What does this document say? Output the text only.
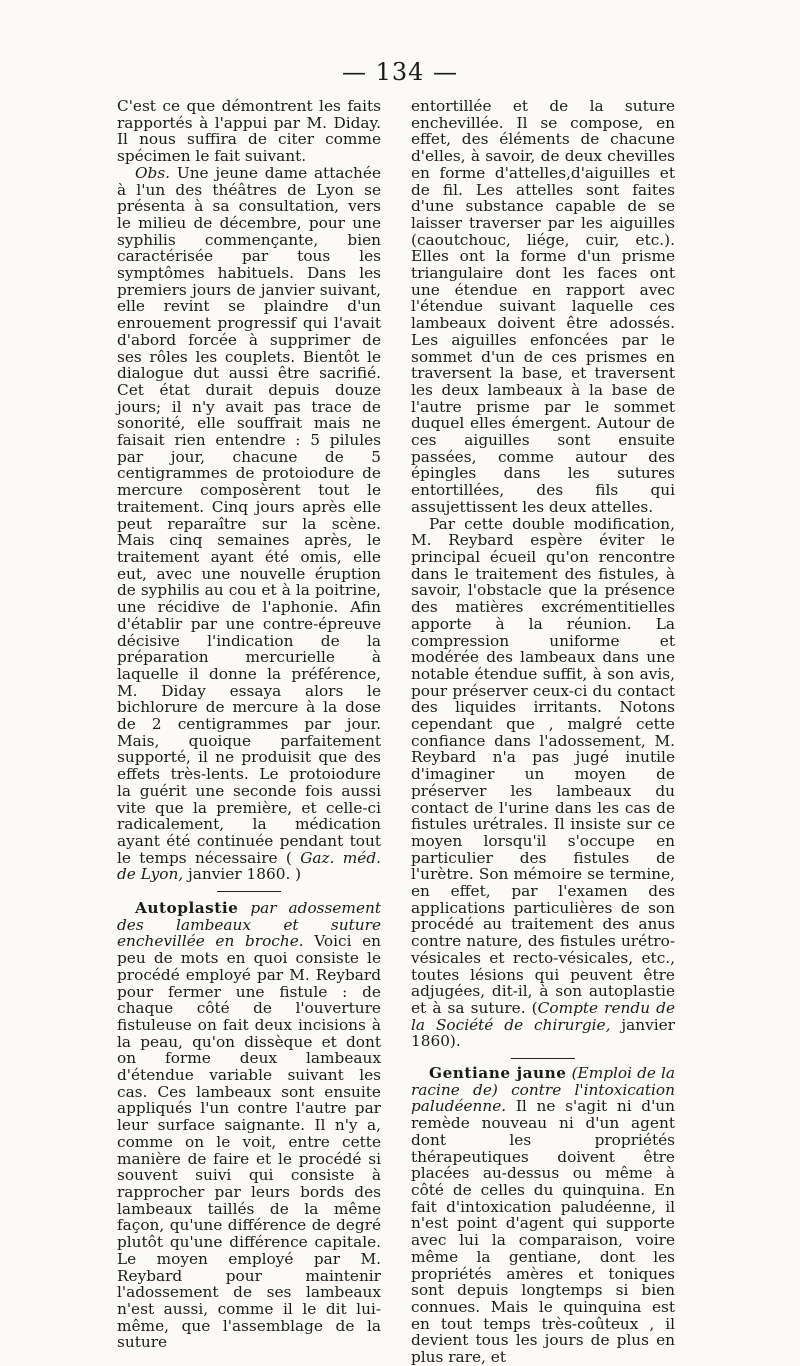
— 134 —

C'est ce que démontrent les faits rapportés à l'appui par M. Diday. Il nous suffira de citer comme spécimen le fait suivant.

Obs. Une jeune dame attachée à l'un des théâtres de Lyon se présenta à sa consultation, vers le milieu de décembre, pour une syphilis commençante, bien caractérisée par tous les symptômes habituels. Dans les premiers jours de janvier suivant, elle revint se plaindre d'un enrouement progressif qui l'avait d'abord forcée à supprimer de ses rôles les couplets. Bientôt le dialogue dut aussi être sacrifié. Cet état durait depuis douze jours; il n'y avait pas trace de sonorité, elle souffrait mais ne faisait rien entendre : 5 pilules par jour, chacune de 5 centigrammes de protoiodure de mercure composèrent tout le traitement. Cinq jours après elle peut reparaître sur la scène. Mais cinq semaines après, le traitement ayant été omis, elle eut, avec une nouvelle éruption de syphilis au cou et à la poitrine, une récidive de l'aphonie. Afin d'établir par une contre-épreuve décisive l'indication de la préparation mercurielle à laquelle il donne la préférence, M. Diday essaya alors le bichlorure de mercure à la dose de 2 centigrammes par jour. Mais, quoique parfaitement supporté, il ne produisit que des effets très-lents. Le protoiodure la guérit une seconde fois aussi vite que la première, et celle-ci radicalement, la médication ayant été continuée pendant tout le temps nécessaire ( Gaz. méd. de Lyon, janvier 1860. )

Autoplastie par adossement des lambeaux et suture enchevillée en broche. Voici en peu de mots en quoi consiste le procédé employé par M. Reybard pour fermer une fistule : de chaque côté de l'ouverture fistuleuse on fait deux incisions à la peau, qu'on dissèque et dont on forme deux lambeaux d'étendue variable suivant les cas. Ces lambeaux sont ensuite appliqués l'un contre l'autre par leur surface saignante. Il n'y a, comme on le voit, entre cette manière de faire et le procédé si souvent suivi qui consiste à rapprocher par leurs bords des lambeaux taillés de la même façon, qu'une différence de degré plutôt qu'une différence capitale. Le moyen employé par M. Reybard pour maintenir l'adossement de ses lambeaux n'est aussi, comme il le dit lui-même, que l'assemblage de la suture

entortillée et de la suture enchevillée. Il se compose, en effet, des éléments de chacune d'elles, à savoir, de deux chevilles en forme d'attelles,d'aiguilles et de fil. Les attelles sont faites d'une substance capable de se laisser traverser par les aiguilles (caoutchouc, liége, cuir, etc.). Elles ont la forme d'un prisme triangulaire dont les faces ont une étendue en rapport avec l'étendue suivant laquelle ces lambeaux doivent être adossés. Les aiguilles enfoncées par le sommet d'un de ces prismes en traversent la base, et traversent les deux lambeaux à la base de l'autre prisme par le sommet duquel elles émergent. Autour de ces aiguilles sont ensuite passées, comme autour des épingles dans les sutures entortillées, des fils qui assujettissent les deux attelles.

Par cette double modification, M. Reybard espère éviter le principal écueil qu'on rencontre dans le traitement des fistules, à savoir, l'obstacle que la présence des matières excrémentitielles apporte à la réunion. La compression uniforme et modérée des lambeaux dans une notable étendue suffit, à son avis, pour préserver ceux-ci du contact des liquides irritants. Notons cependant que , malgré cette confiance dans l'adossement, M. Reybard n'a pas jugé inutile d'imaginer un moyen de préserver les lambeaux du contact de l'urine dans les cas de fistules urétrales. Il insiste sur ce moyen lorsqu'il s'occupe en particulier des fistules de l'urètre. Son mémoire se termine, en effet, par l'examen des applications particulières de son procédé au traitement des anus contre nature, des fistules urétro-vésicales et recto-vésicales, etc., toutes lésions qui peuvent être adjugées, dit-il, à son autoplastie et à sa suture. (Compte rendu de la Société de chirurgie, janvier 1860).

Gentiane jaune (Emploi de la racine de) contre l'intoxication paludéenne. Il ne s'agit ni d'un remède nouveau ni d'un agent dont les propriétés thérapeutiques doivent être placées au-dessus ou même à côté de celles du quinquina. En fait d'intoxication paludéenne, il n'est point d'agent qui supporte avec lui la comparaison, voire même la gentiane, dont les propriétés amères et toniques sont depuis longtemps si bien connues. Mais le quinquina est en tout temps très-coûteux , il devient tous les jours de plus en plus rare, et
